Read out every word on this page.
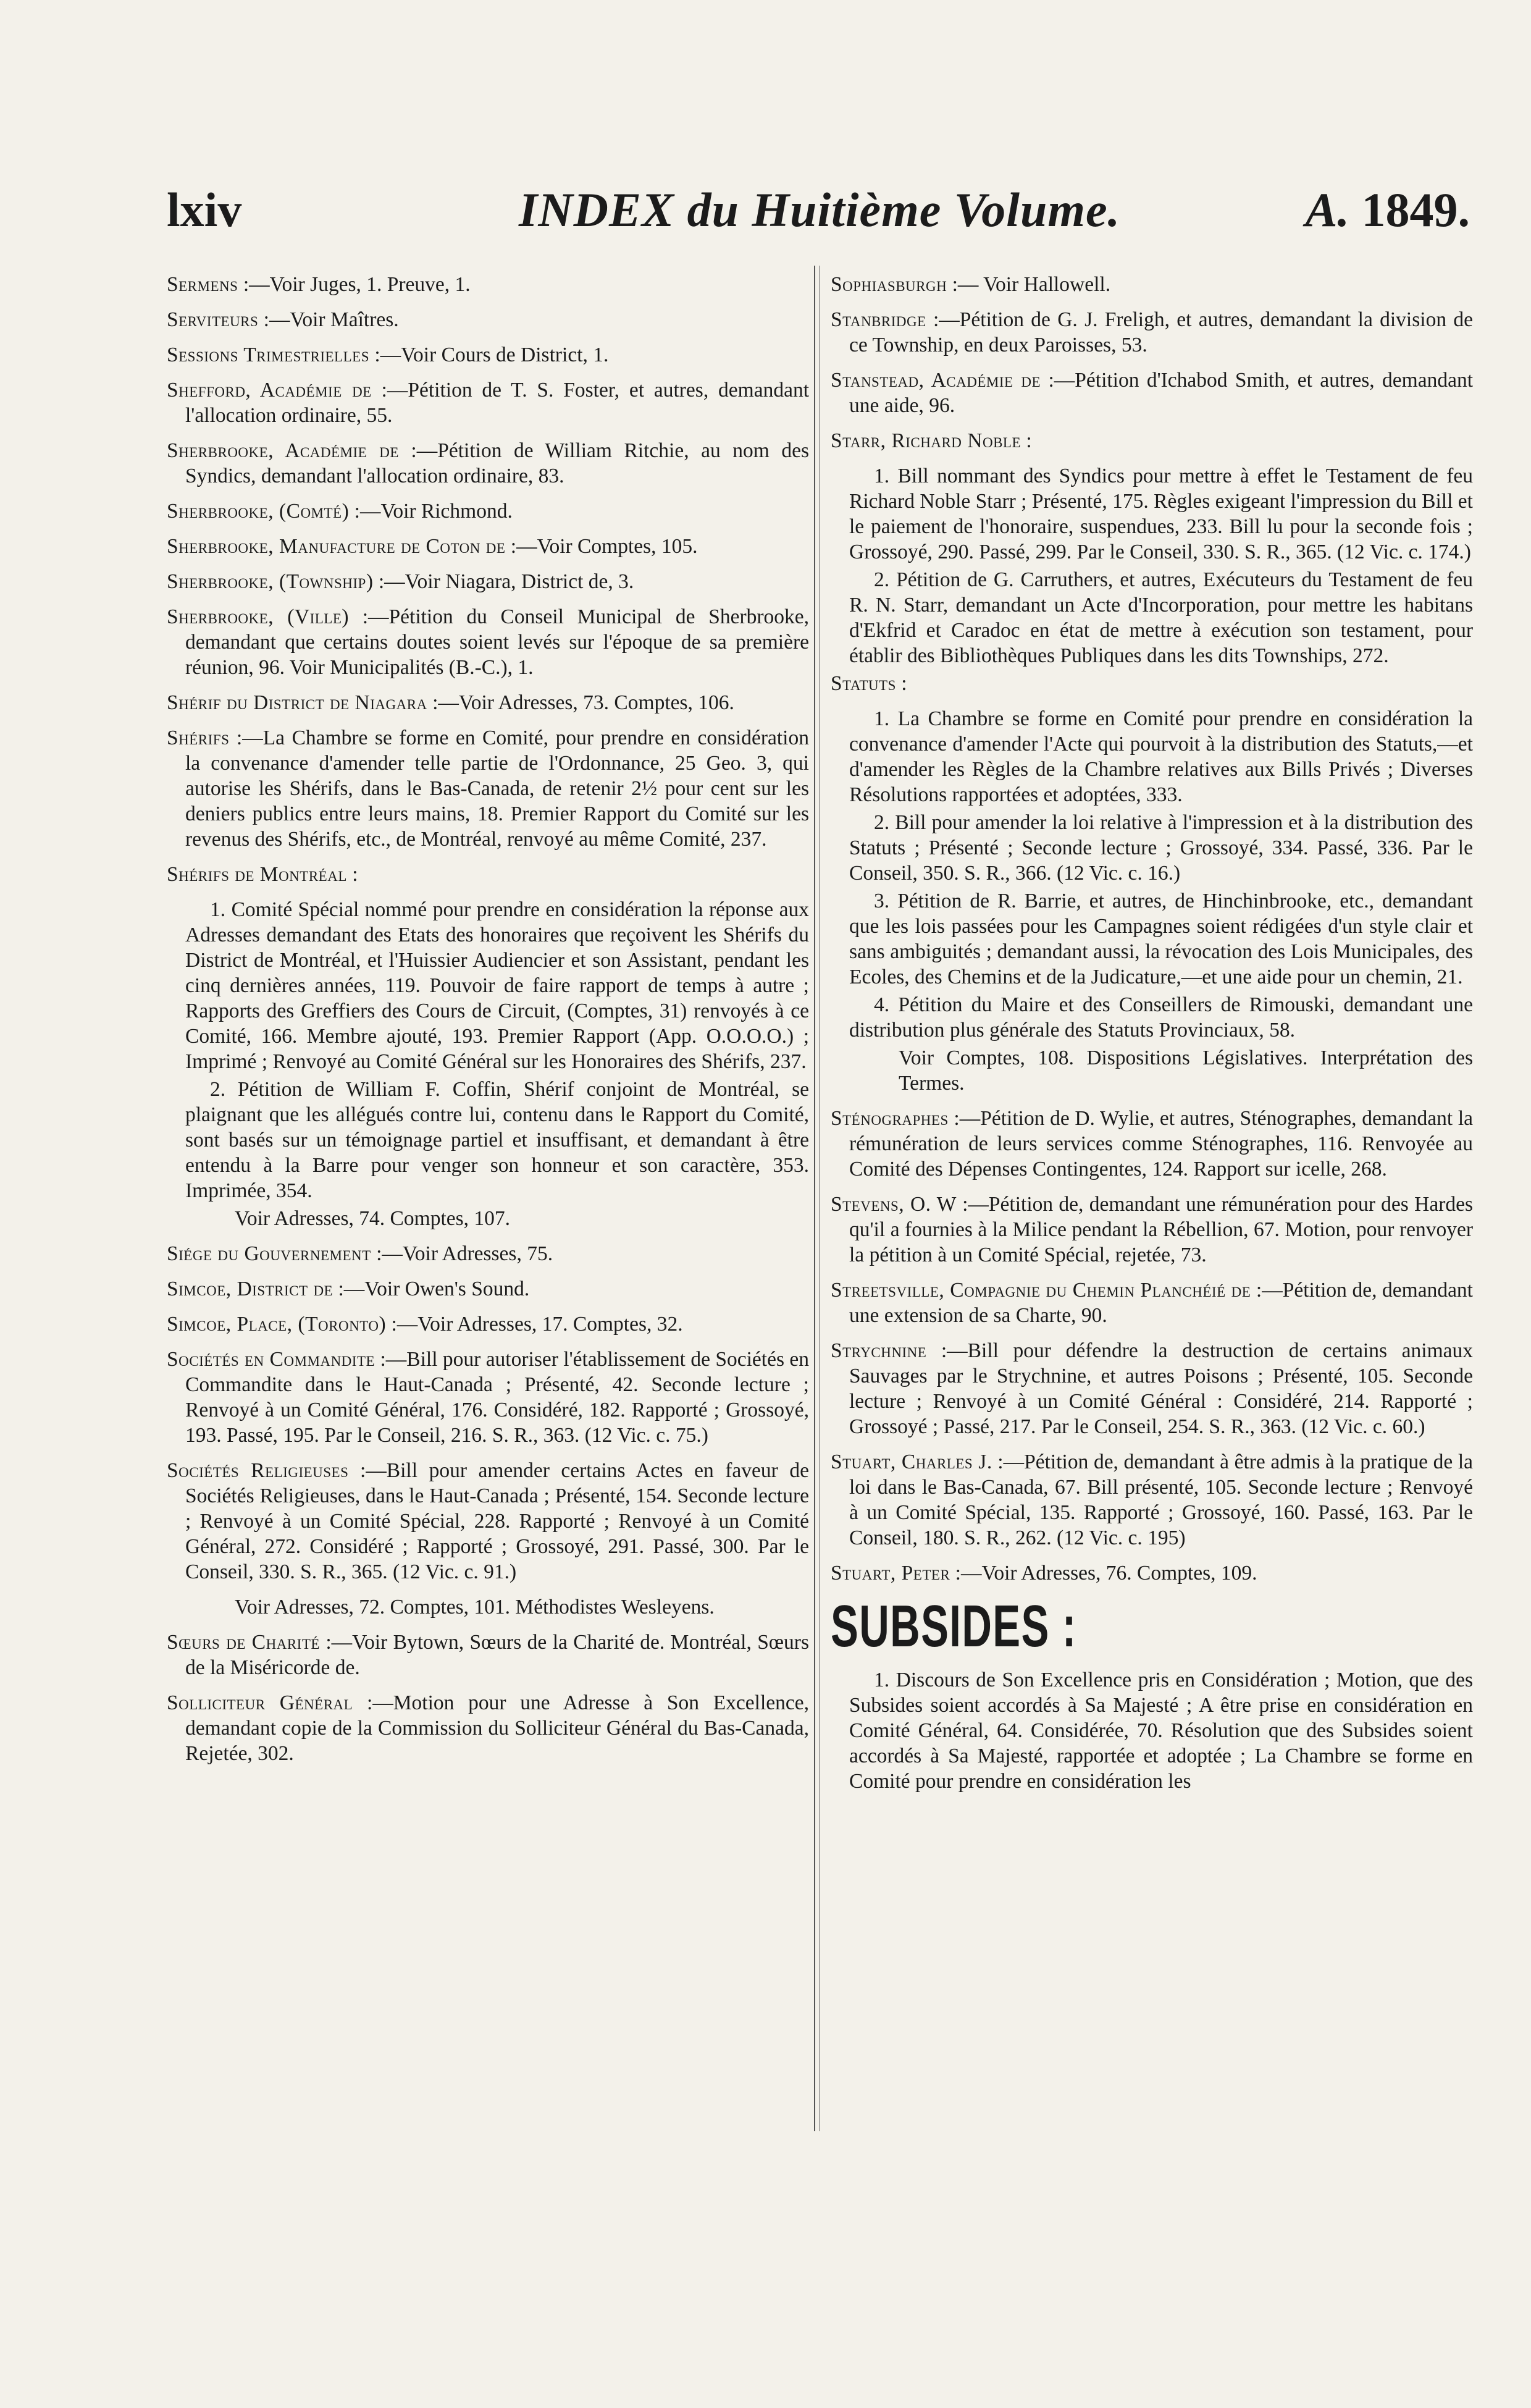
lxiv	INDEX du Huitième Volume.	A. 1849.
Sermens :—Voir Juges, 1. Preuve, 1.
Serviteurs :—Voir Maîtres.
Sessions Trimestrielles :—Voir Cours de District, 1.
Shefford, Académie de :—Pétition de T. S. Foster, et autres, demandant l'allocation ordinaire, 55.
Sherbrooke, Académie de :—Pétition de William Ritchie, au nom des Syndics, demandant l'allocation ordinaire, 83.
Sherbrooke, (Comté) :—Voir Richmond.
Sherbrooke, Manufacture de Coton de :—Voir Comptes, 105.
Sherbrooke, (Township) :—Voir Niagara, District de, 3.
Sherbrooke, (Ville) :—Pétition du Conseil Municipal de Sherbrooke, demandant que certains doutes soient levés sur l'époque de sa première réunion, 96. Voir Municipalités (B.-C.), 1.
Shérif du District de Niagara :—Voir Adresses, 73. Comptes, 106.
Shérifs :—La Chambre se forme en Comité, pour prendre en considération la convenance d'amender telle partie de l'Ordonnance, 25 Geo. 3, qui autorise les Shérifs, dans le Bas-Canada, de retenir 2½ pour cent sur les deniers publics entre leurs mains, 18. Premier Rapport du Comité sur les revenus des Shérifs, etc., de Montréal, renvoyé au même Comité, 237.
Shérifs de Montréal :
1. Comité Spécial nommé pour prendre en considération la réponse aux Adresses demandant des Etats des honoraires que reçoivent les Shérifs du District de Montréal, et l'Huissier Audiencier et son Assistant, pendant les cinq dernières années, 119. Pouvoir de faire rapport de temps à autre ; Rapports des Greffiers des Cours de Circuit, (Comptes, 31) renvoyés à ce Comité, 166. Membre ajouté, 193. Premier Rapport (App. O.O.O.O.) ; Imprimé ; Renvoyé au Comité Général sur les Honoraires des Shérifs, 237.
2. Pétition de William F. Coffin, Shérif conjoint de Montréal, se plaignant que les allégués contre lui, contenu dans le Rapport du Comité, sont basés sur un témoignage partiel et insuffisant, et demandant à être entendu à la Barre pour venger son honneur et son caractère, 353. Imprimée, 354.
Voir Adresses, 74. Comptes, 107.
Siége du Gouvernement :—Voir Adresses, 75.
Simcoe, District de :—Voir Owen's Sound.
Simcoe, Place, (Toronto) :—Voir Adresses, 17. Comptes, 32.
Sociétés en Commandite :—Bill pour autoriser l'établissement de Sociétés en Commandite dans le Haut-Canada ; Présenté, 42. Seconde lecture ; Renvoyé à un Comité Général, 176. Considéré, 182. Rapporté ; Grossoyé, 193. Passé, 195. Par le Conseil, 216. S. R., 363. (12 Vic. c. 75.)
Sociétés Religieuses :—Bill pour amender certains Actes en faveur de Sociétés Religieuses, dans le Haut-Canada ; Présenté, 154. Seconde lecture ; Renvoyé à un Comité Spécial, 228. Rapporté ; Renvoyé à un Comité Général, 272. Considéré ; Rapporté ; Grossoyé, 291. Passé, 300. Par le Conseil, 330. S. R., 365. (12 Vic. c. 91.)
Voir Adresses, 72. Comptes, 101. Méthodistes Wesleyens.
Sœurs de Charité :—Voir Bytown, Sœurs de la Charité de. Montréal, Sœurs de la Miséricorde de.
Solliciteur Général :—Motion pour une Adresse à Son Excellence, demandant copie de la Commission du Solliciteur Général du Bas-Canada, Rejetée, 302.
Sophiasburgh :— Voir Hallowell.
Stanbridge :—Pétition de G. J. Freligh, et autres, demandant la division de ce Township, en deux Paroisses, 53.
Stanstead, Académie de :—Pétition d'Ichabod Smith, et autres, demandant une aide, 96.
Starr, Richard Noble :
1. Bill nommant des Syndics pour mettre à effet le Testament de feu Richard Noble Starr ; Présenté, 175. Règles exigeant l'impression du Bill et le paiement de l'honoraire, suspendues, 233. Bill lu pour la seconde fois ; Grossoyé, 290. Passé, 299. Par le Conseil, 330. S. R., 365. (12 Vic. c. 174.)
2. Pétition de G. Carruthers, et autres, Exécuteurs du Testament de feu R. N. Starr, demandant un Acte d'Incorporation, pour mettre les habitans d'Ekfrid et Caradoc en état de mettre à exécution son testament, pour établir des Bibliothèques Publiques dans les dits Townships, 272.
Statuts :
1. La Chambre se forme en Comité pour prendre en considération la convenance d'amender l'Acte qui pourvoit à la distribution des Statuts,—et d'amender les Règles de la Chambre relatives aux Bills Privés ; Diverses Résolutions rapportées et adoptées, 333.
2. Bill pour amender la loi relative à l'impression et à la distribution des Statuts ; Présenté ; Seconde lecture ; Grossoyé, 334. Passé, 336. Par le Conseil, 350. S. R., 366. (12 Vic. c. 16.)
3. Pétition de R. Barrie, et autres, de Hinchinbrooke, etc., demandant que les lois passées pour les Campagnes soient rédigées d'un style clair et sans ambiguités ; demandant aussi, la révocation des Lois Municipales, des Ecoles, des Chemins et de la Judicature,—et une aide pour un chemin, 21.
4. Pétition du Maire et des Conseillers de Rimouski, demandant une distribution plus générale des Statuts Provinciaux, 58.
Voir Comptes, 108. Dispositions Législatives. Interprétation des Termes.
Sténographes :—Pétition de D. Wylie, et autres, Sténographes, demandant la rémunération de leurs services comme Sténographes, 116. Renvoyée au Comité des Dépenses Contingentes, 124. Rapport sur icelle, 268.
Stevens, O. W :—Pétition de, demandant une rémunération pour des Hardes qu'il a fournies à la Milice pendant la Rébellion, 67. Motion, pour renvoyer la pétition à un Comité Spécial, rejetée, 73.
Streetsville, Compagnie du Chemin Planchéié de :—Pétition de, demandant une extension de sa Charte, 90.
Strychnine :—Bill pour défendre la destruction de certains animaux Sauvages par le Strychnine, et autres Poisons ; Présenté, 105. Seconde lecture ; Renvoyé à un Comité Général : Considéré, 214. Rapporté ; Grossoyé ; Passé, 217. Par le Conseil, 254. S. R., 363. (12 Vic. c. 60.)
Stuart, Charles J. :—Pétition de, demandant à être admis à la pratique de la loi dans le Bas-Canada, 67. Bill présenté, 105. Seconde lecture ; Renvoyé à un Comité Spécial, 135. Rapporté ; Grossoyé, 160. Passé, 163. Par le Conseil, 180. S. R., 262. (12 Vic. c. 195)
Stuart, Peter :—Voir Adresses, 76. Comptes, 109.
SUBSIDES :
1. Discours de Son Excellence pris en Considération ; Motion, que des Subsides soient accordés à Sa Majesté ; A être prise en considération en Comité Général, 64. Considérée, 70. Résolution que des Subsides soient accordés à Sa Majesté, rapportée et adoptée ; La Chambre se forme en Comité pour prendre en considération les
